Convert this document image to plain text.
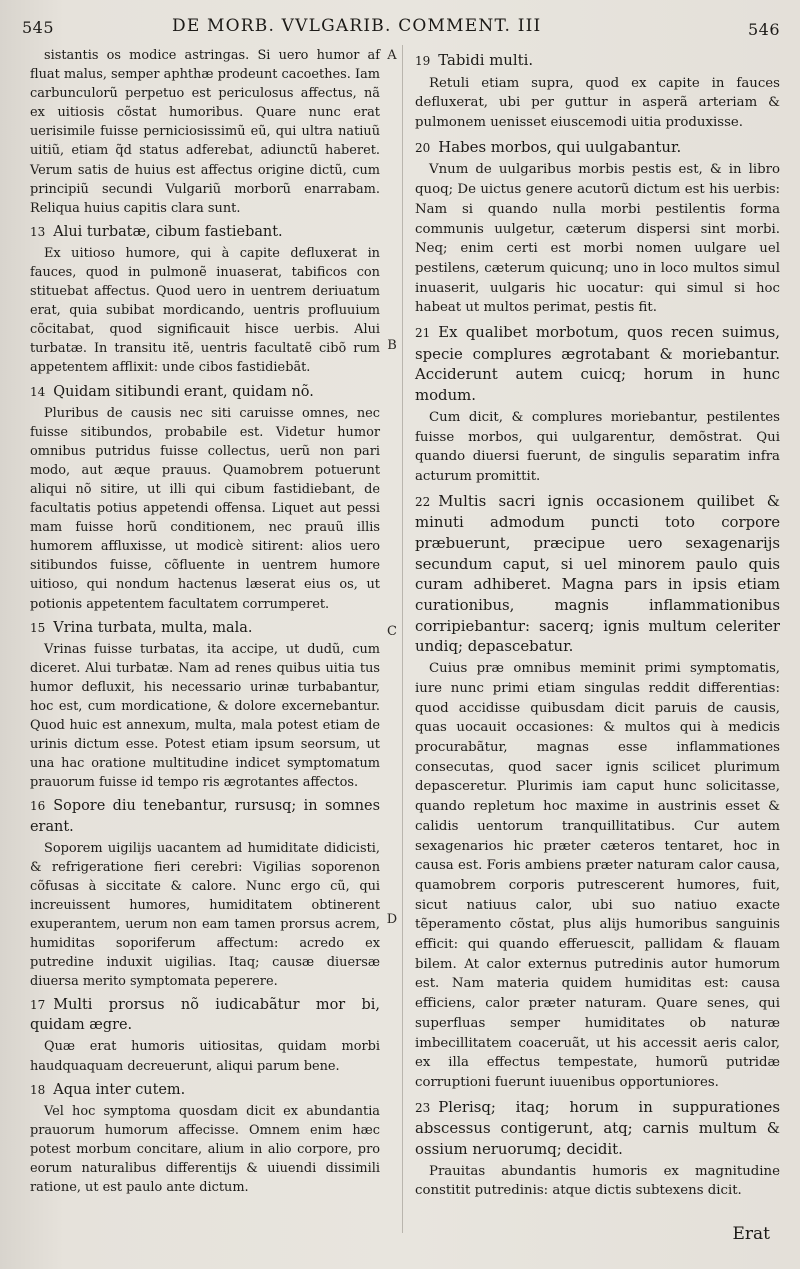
545	DE MORB. VVLGARIB. COMMENT. III	546
A
B
C
D

sistantis os modice astringas. Si uero humor af fluat malus, semper aphthæ prodeunt cacoethes. Iam carbunculorũ perpetuo est periculosus affectus, nã ex uitiosis cõstat humoribus. Quare nunc erat uerisimile fuisse perniciosissimũ eũ, qui ultra natiuũ uitiũ, etiam q̃d status adferebat, adiunctũ haberet. Verum satis de huius est affectus origine dictũ, cum principiũ secundi Vulgariũ morborũ enarrabam. Reliqua huius capitis clara sunt.

13 Alui turbatæ, cibum fastiebant.

Ex uitioso humore, qui à capite defluxerat in fauces, quod in pulmonẽ inuaserat, tabificos con stituebat affectus. Quod uero in uentrem deriuatum erat, quia subibat mordicando, uentris profluuium cõcitabat, quod significauit hisce uerbis. Alui turbatæ. In transitu itẽ, uentris facultatẽ cibõ rum appetentem afflixit: unde cibos fastidiebãt.

14 Quidam sitibundi erant, quidam nõ.

Pluribus de causis nec siti caruisse omnes, nec fuisse sitibundos, probabile est. Videtur humor omnibus putridus fuisse collectus, uerũ non pari modo, aut æque prauus. Quamobrem potuerunt aliqui nõ sitire, ut illi qui cibum fastidiebant, de facultatis potius appetendi offensa. Liquet aut pessi mam fuisse horũ conditionem, nec prauũ illis humorem affluxisse, ut modicè sitirent: alios uero sitibundos fuisse, cõfluente in uentrem humore uitioso, qui nondum hactenus læserat eius os, ut potionis appetentem facultatem corrumperet.

15 Vrina turbata, multa, mala.

Vrinas fuisse turbatas, ita accipe, ut dudũ, cum diceret. Alui turbatæ. Nam ad renes quibus uitia tus humor defluxit, his necessario urinæ turbabantur, hoc est, cum mordicatione, & dolore excernebantur. Quod huic est annexum, multa, mala potest etiam de urinis dictum esse. Potest etiam ipsum seorsum, ut una hac oratione multitudine indicet symptomatum prauorum fuisse id tempo ris ægrotantes affectos.

16 Sopore diu tenebantur, rursusq; in somnes erant.

Soporem uigilijs uacantem ad humiditate didicisti, & refrigeratione fieri cerebri: Vigilias soporenon cõfusas à siccitate & calore. Nunc ergo cũ, qui increuissent humores, humiditatem obtinerent exuperantem, uerum non eam tamen prorsus acrem, humiditas soporiferum affectum: acredo ex putredine induxit uigilias. Itaq; causæ diuersæ diuersa merito symptomata peperere.

17 Multi prorsus nõ iudicabãtur mor bi, quidam ægre.

Quæ erat humoris uitiositas, quidam morbi haudquaquam decreuerunt, aliqui parum bene.

18 Aqua inter cutem.

Vel hoc symptoma quosdam dicit ex abundantia prauorum humorum affecisse. Omnem enim hæc potest morbum concitare, alium in alio corpore, pro eorum naturalibus differentijs & uiuendi dissimili ratione, ut est paulo ante dictum.

19 Tabidi multi.

Retuli etiam supra, quod ex capite in fauces defluxerat, ubi per guttur in asperã arteriam & pulmonem uenisset eiuscemodi uitia produxisse.

20 Habes morbos, qui uulgabantur.

Vnum de uulgaribus morbis pestis est, & in libro quoq; De uictus genere acutorũ dictum est his uerbis: Nam si quando nulla morbi pestilentis forma communis uulgetur, cæterum dispersi sint morbi. Neq; enim certi est morbi nomen uulgare uel pestilens, cæterum quicunq; uno in loco multos simul inuaserit, uulgaris hic uocatur: qui simul si hoc habeat ut multos perimat, pestis fit.

21 Ex qualibet morbotum, quos recen suimus, specie complures ægrotabant & moriebantur. Acciderunt autem cuicq; horum in hunc modum.

Cum dicit, & complures moriebantur, pestilentes fuisse morbos, qui uulgarentur, demõstrat. Qui quando diuersi fuerunt, de singulis separatim infra acturum promittit.

22 Multis sacri ignis occasionem quilibet & minuti admodum puncti toto corpore præbuerunt, præcipue uero sexagenarijs secundum caput, si uel minorem paulo quis curam adhiberet. Magna pars in ipsis etiam curationibus, magnis inflammationibus corripiebantur: sacerq; ignis multum celeriter undiq; depascebatur.

Cuius præ omnibus meminit primi symptomatis, iure nunc primi etiam singulas reddit differentias: quod accidisse quibusdam dicit paruis de causis, quas uocauit occasiones: & multos qui à medicis procurabãtur, magnas esse inflammationes consecutas, quod sacer ignis scilicet plurimum depasceretur. Plurimis iam caput hunc solicitasse, quando repletum hoc maxime in austrinis esset & calidis uentorum tranquillitatibus. Cur autem sexagenarios hic præter cæteros tentaret, hoc in causa est. Foris ambiens præter naturam calor causa, quamobrem corporis putrescerent humores, fuit, sicut natiuus calor, ubi suo natiuo exacte tẽperamento cõstat, plus alijs humoribus sanguinis efficit: qui quando efferuescit, pallidam & flauam bilem. At calor externus putredinis autor humorum est. Nam materia quidem humiditas est: causa efficiens, calor præter naturam. Quare senes, qui superfluas semper humiditates ob naturæ imbecillitatem coaceruãt, ut his accessit aeris calor, ex illa effectus tempestate, humorũ putridæ corruptioni fuerunt iuuenibus opportuniores.

23 Plerisq; itaq; horum in suppurationes abscessus contigerunt, atq; carnis multum & ossium neruorumq; decidit.

Prauitas abundantis humoris ex magnitudine constitit putredinis: atque dictis subtexens dicit.

Erat
